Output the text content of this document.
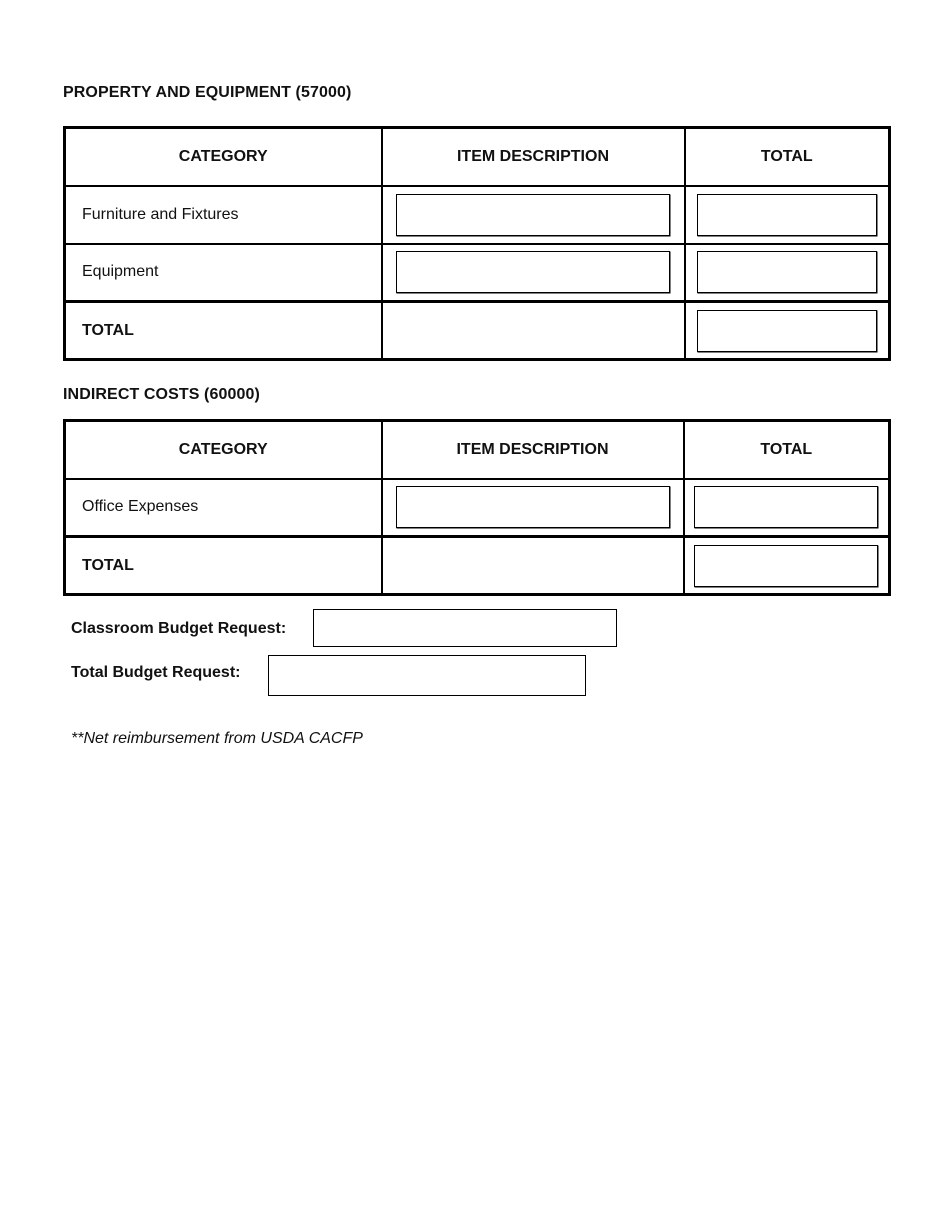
PROPERTY AND EQUIPMENT (57000)
CATEGORY	ITEM DESCRIPTION	TOTAL
Furniture and Fixtures	

Equipment	

TOTAL		
INDIRECT COSTS (60000)
CATEGORY	ITEM DESCRIPTION	TOTAL
Office Expenses	

TOTAL		
Classroom Budget Request:
Total Budget Request:
**Net reimbursement from USDA CACFP
